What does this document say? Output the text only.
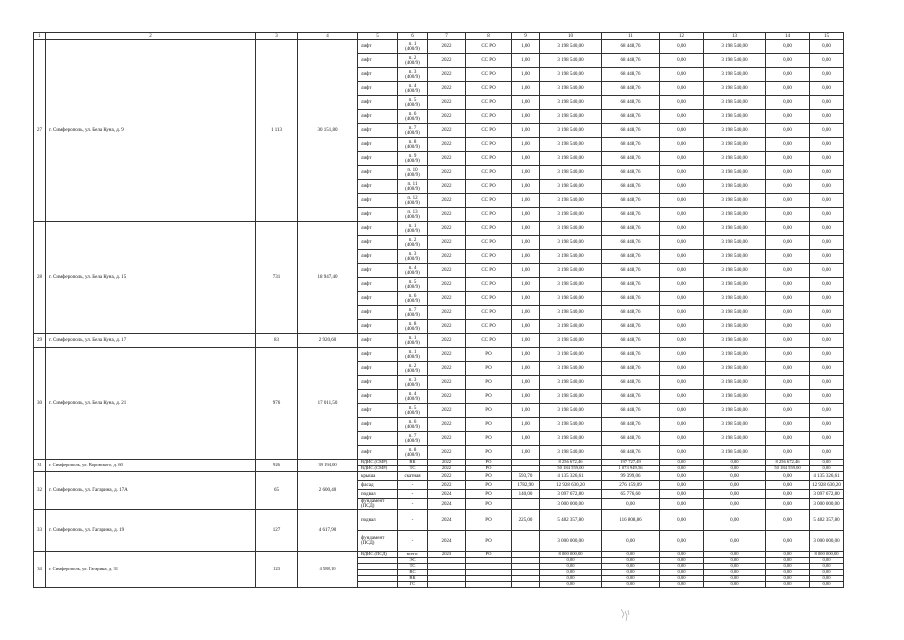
1	2	3	4	5	6	7	8	9	10	11	12	13	14	15
27	г. Симферополь, ул. Бела Куна, д. 9	1 113	30 151,80	лифт	п. 1
(400/9)	2022	СС РО	1,00	3 198 540,00	68 448,76	0,00	3 198 540,00	0,00	0,00
				лифт	п. 2
(400/9)	2022	СС РО	1,00	3 198 540,00	68 448,76	0,00	3 198 540,00	0,00	0,00
				лифт	п. 3
(400/9)	2022	СС РО	1,00	3 198 540,00	68 448,76	0,00	3 198 540,00	0,00	0,00
				лифт	п. 4
(400/9)	2022	СС РО	1,00	3 198 540,00	68 448,76	0,00	3 198 540,00	0,00	0,00
				лифт	п. 5
(400/9)	2022	СС РО	1,00	3 198 540,00	68 448,76	0,00	3 198 540,00	0,00	0,00
				лифт	п. 6
(400/9)	2022	СС РО	1,00	3 198 540,00	68 448,76	0,00	3 198 540,00	0,00	0,00
				лифт	п. 7
(400/9)	2022	СС РО	1,00	3 198 540,00	68 448,76	0,00	3 198 540,00	0,00	0,00
				лифт	п. 8
(400/9)	2022	СС РО	1,00	3 198 540,00	68 448,76	0,00	3 198 540,00	0,00	0,00
				лифт	п. 9
(400/9)	2022	СС РО	1,00	3 198 540,00	68 448,76	0,00	3 198 540,00	0,00	0,00
				лифт	п. 10
(400/9)	2022	СС РО	1,00	3 198 540,00	68 448,76	0,00	3 198 540,00	0,00	0,00
				лифт	п. 11
(400/9)	2022	СС РО	1,00	3 198 540,00	68 448,76	0,00	3 198 540,00	0,00	0,00
				лифт	п. 12
(400/9)	2022	СС РО	1,00	3 198 540,00	68 448,76	0,00	3 198 540,00	0,00	0,00
				лифт	п. 13
(400/9)	2022	СС РО	1,00	3 198 540,00	68 448,76	0,00	3 198 540,00	0,00	0,00
28	г. Симферополь, ул. Бела Куна, д. 15	731	18 947,40	лифт	п. 1
(400/9)	2022	СС РО	1,00	3 198 540,00	68 448,76	0,00	3 198 540,00	0,00	0,00
				лифт	п. 2
(400/9)	2022	СС РО	1,00	3 198 540,00	68 448,76	0,00	3 198 540,00	0,00	0,00
				лифт	п. 3
(400/9)	2022	СС РО	1,00	3 198 540,00	68 448,76	0,00	3 198 540,00	0,00	0,00
				лифт	п. 4
(400/9)	2022	СС РО	1,00	3 198 540,00	68 448,76	0,00	3 198 540,00	0,00	0,00
				лифт	п. 5
(400/9)	2022	СС РО	1,00	3 198 540,00	68 448,76	0,00	3 198 540,00	0,00	0,00
				лифт	п. 6
(400/9)	2022	СС РО	1,00	3 198 540,00	68 448,76	0,00	3 198 540,00	0,00	0,00
				лифт	п. 7
(400/9)	2022	СС РО	1,00	3 198 540,00	68 448,76	0,00	3 198 540,00	0,00	0,00
				лифт	п. 8
(400/9)	2022	СС РО	1,00	3 198 540,00	68 448,76	0,00	3 198 540,00	0,00	0,00
29	г. Симферополь, ул. Бела Куна, д. 17	83	2 920,60	лифт	п. 1
(400/9)	2022	СС РО	1,00	3 198 540,00	68 448,76	0,00	3 198 540,00	0,00	0,00
30	г. Симферополь, ул. Бела Куна, д. 21	976	17 011,50	лифт	п. 1
(400/9)	2022	РО	1,00	3 198 540,00	68 448,76	0,00	3 198 540,00	0,00	0,00
				лифт	п. 2
(400/9)	2022	РО	1,00	3 198 540,00	68 448,76	0,00	3 198 540,00	0,00	0,00
				лифт	п. 3
(400/9)	2022	РО	1,00	3 198 540,00	68 448,76	0,00	3 198 540,00	0,00	0,00
				лифт	п. 4
(400/9)	2022	РО	1,00	3 198 540,00	68 448,76	0,00	3 198 540,00	0,00	0,00
				лифт	п. 5
(400/9)	2022	РО	1,00	3 198 540,00	68 448,76	0,00	3 198 540,00	0,00	0,00
				лифт	п. 6
(400/9)	2022	РО	1,00	3 198 540,00	68 448,76	0,00	3 198 540,00	0,00	0,00
				лифт	п. 7
(400/9)	2022	РО	1,00	3 198 540,00	68 448,76	0,00	3 198 540,00	0,00	0,00
				лифт	п. 8
(400/9)	2022	РО	1,00	3 198 540,00	68 448,76	0,00	3 198 540,00	0,00	0,00
31	г. Симферополь, ул. Воровского, д. 60	926	39 194,00	ВДИС (СМР)	ВК	2022	РО		8 256 672,46	197 727,49	0,00	0,00	8 256 672,46	0,00
				ВДИС (СМР)	ТС	2022	РО		50 184 559,00	1 073 949,56	0,00	0,00	50 184 559,00	0,00
32	г. Симферополь, ул. Гагарина, д. 17А	65	2 600,40	крыша	скатная	2022	РО	593,70	4 135 326,61	99 399,06	0,00	0,00	0,00	4 135 326,61
				фасад	-	2022	РО	1782,90	12 928 630,20	276 159,09	0,00	0,00	0,00	12 928 630,20
				подвал	-	2024	РО	140,00	3 097 672,80	65 776,60	0,00	0,00	0,00	3 097 672,80
				фундамент
(ПСД)	-	2024	РО		3 000 000,00	0,00	0,00	0,00	0,00	3 000 000,00
33	г. Симферополь, ул. Гагарина, д. 19	127	4 617,90	подвал	-	2024	РО	225,00	5 482 357,80	116 808,86	0,00	0,00	0,00	5 482 357,80
				фундамент
(ПСД)	-	2024	РО		3 000 000,00	0,00	0,00	0,00	0,00	3 000 000,00
34	г. Симферополь, ул. Гагарина, д. 31	123	4 588,10	ВДИС (ПСД)	всего:	2023	РО		8 000 000,00	0,00	0,00	0,00	0,00	8 000 000,00
					ЭС				0,00	0,00	0,00	0,00	0,00	0,00
					ТС				0,00	0,00	0,00	0,00	0,00	0,00
					ВС				0,00	0,00	0,00	0,00	0,00	0,00
					ВК				0,00	0,00	0,00	0,00	0,00	0,00
					ГС				0,00	0,00	0,00	0,00	0,00	0,00
